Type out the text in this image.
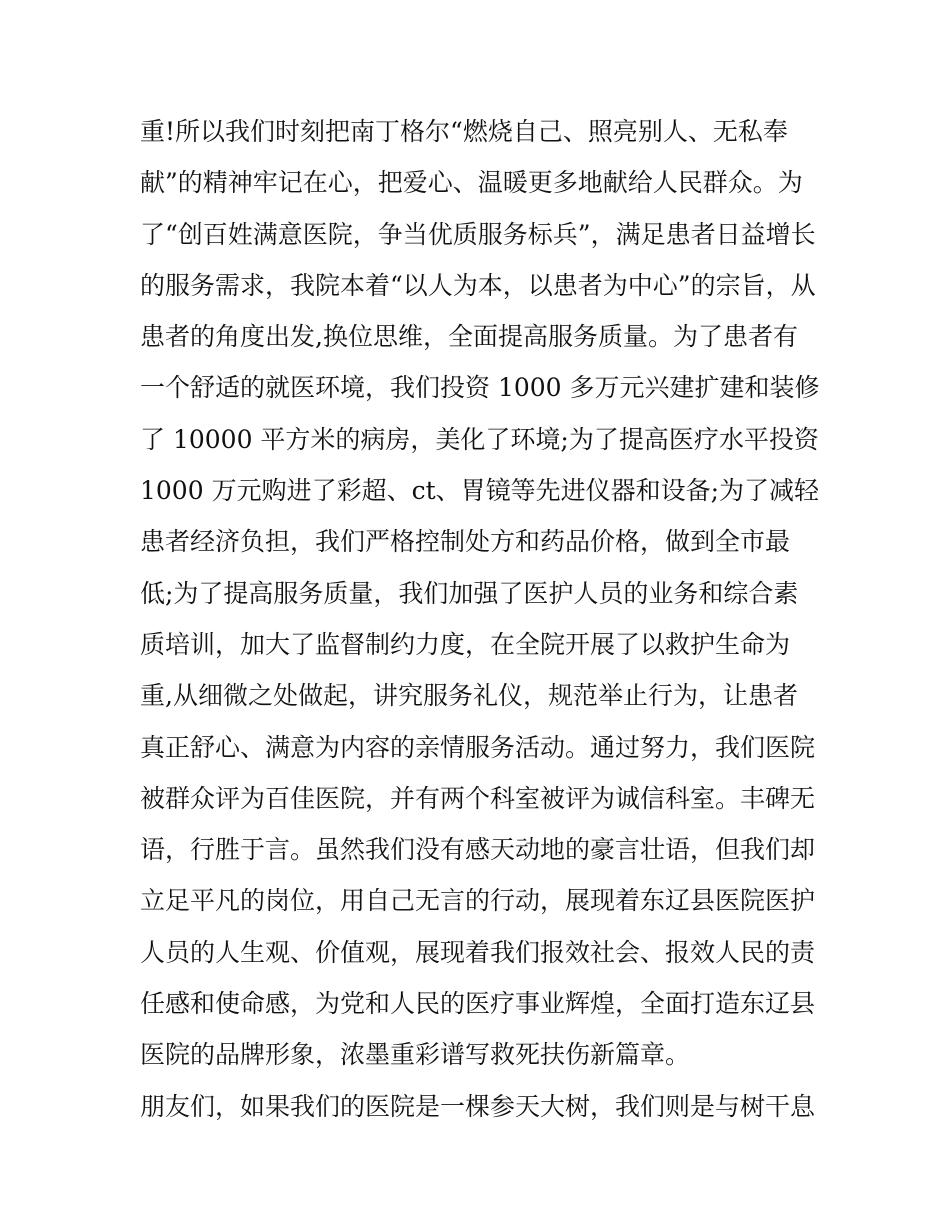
重!所以我们时刻把南丁格尔“燃烧自己、照亮别人、无私奉
献”的精神牢记在心，把爱心、温暖更多地献给人民群众。为
了“创百姓满意医院，争当优质服务标兵”，满足患者日益增长
的服务需求，我院本着“以人为本，以患者为中心”的宗旨，从
患者的角度出发,换位思维，全面提高服务质量。为了患者有
一个舒适的就医环境，我们投资 1000 多万元兴建扩建和装修
了 10000 平方米的病房，美化了环境;为了提高医疗水平投资
1000 万元购进了彩超、ct、胃镜等先进仪器和设备;为了减轻
患者经济负担，我们严格控制处方和药品价格，做到全市最
低;为了提高服务质量，我们加强了医护人员的业务和综合素
质培训，加大了监督制约力度，在全院开展了以救护生命为
重,从细微之处做起，讲究服务礼仪，规范举止行为，让患者
真正舒心、满意为内容的亲情服务活动。通过努力，我们医院
被群众评为百佳医院，并有两个科室被评为诚信科室。丰碑无
语，行胜于言。虽然我们没有感天动地的豪言壮语，但我们却
立足平凡的岗位，用自己无言的行动，展现着东辽县医院医护
人员的人生观、价值观，展现着我们报效社会、报效人民的责
任感和使命感，为党和人民的医疗事业辉煌，全面打造东辽县
医院的品牌形象，浓墨重彩谱写救死扶伤新篇章。
朋友们，如果我们的医院是一棵参天大树，我们则是与树干息
